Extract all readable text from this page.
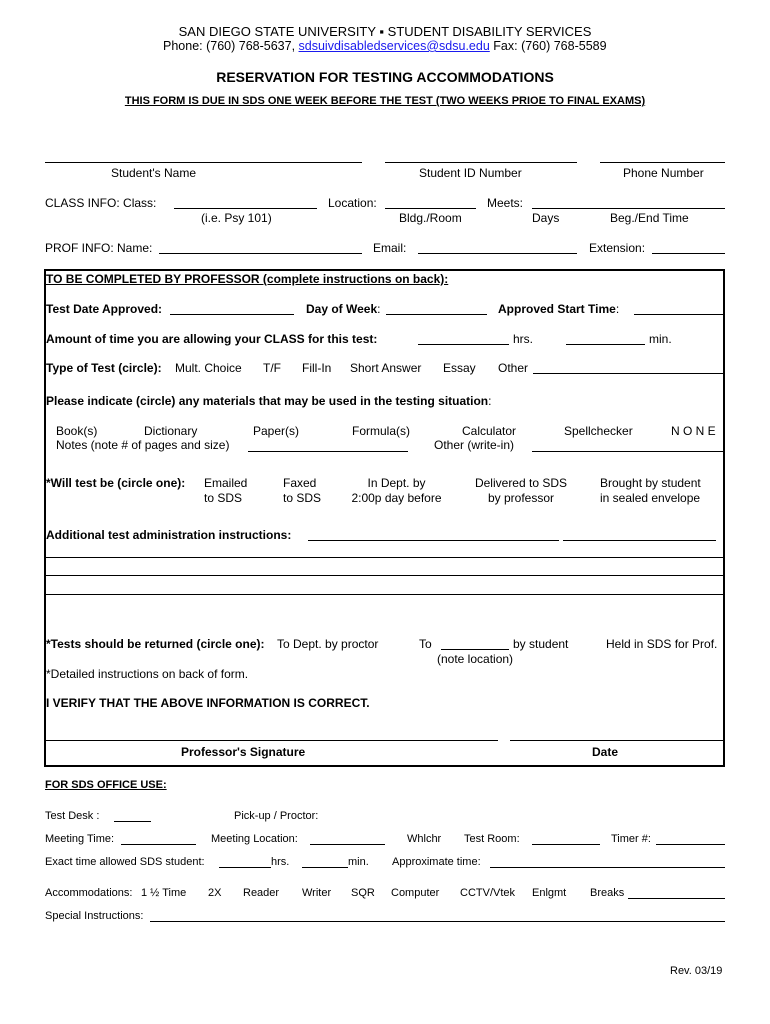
SAN DIEGO STATE UNIVERSITY ▪ STUDENT DISABILITY SERVICES
Phone: (760) 768-5637, sdsuivdisabledservices@sdsu.edu Fax: (760) 768-5589
RESERVATION FOR TESTING ACCOMMODATIONS
THIS FORM IS DUE IN SDS ONE WEEK BEFORE THE TEST (TWO WEEKS PRIOE TO FINAL EXAMS)
Student's Name	Student ID Number	Phone Number
CLASS INFO: Class:
(i.e. Psy 101)
Location:
Bldg./Room
Meets:
Days	Beg./End Time
PROF INFO: Name:	Email:	Extension:
TO BE COMPLETED BY PROFESSOR (complete instructions on back):
Test Date Approved:	Day of Week:	Approved Start Time:
Amount of time you are allowing your CLASS for this test:	hrs.	min.
Type of Test (circle): Mult. Choice T/F Fill-In Short Answer Essay Other
Please indicate (circle) any materials that may be used in the testing situation:
Book(s)	Dictionary	Paper(s)	Formula(s)	Calculator	Spellchecker	N O N E
Notes (note # of pages and size)	Other (write-in)
*Will test be (circle one): Emailed
to SDS
Faxed
to SDS
In Dept. by
2:00p day before
Delivered to SDS
by professor
Brought by student
in sealed envelope
Additional test administration instructions:
*Tests should be returned (circle one): To Dept. by proctor	To	by student
(note location)
Held in SDS for Prof.
*Detailed instructions on back of form.
I VERIFY THAT THE ABOVE INFORMATION IS CORRECT.
Professor's Signature	Date
FOR SDS OFFICE USE:
Test Desk :	Pick-up / Proctor:
Meeting Time:	Meeting Location:	Whlchr Test Room:	Timer #:
Exact time allowed SDS student:	hrs.	min. Approximate time:
Accommodations: 1 ½ Time 2X Reader Writer SQR Computer CCTV/Vtek Enlgmt Breaks
Special Instructions:
Rev. 03/19
